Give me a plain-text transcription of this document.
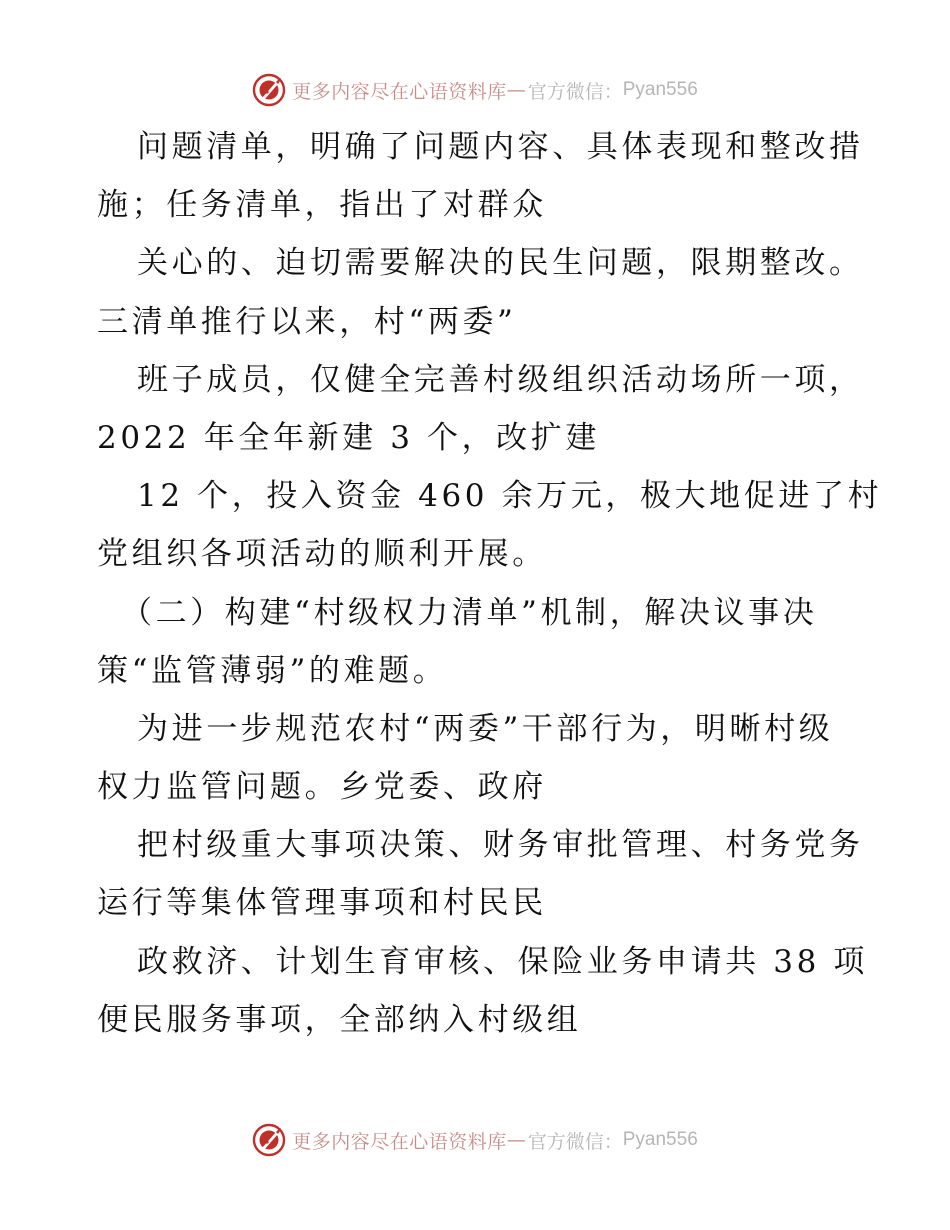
更多内容尽在心语资料库 — 官方微信： Pyan556
问题清单，明确了问题内容、具体表现和整改措
施；任务清单，指出了对群众
关心的、迫切需要解决的民生问题，限期整改。
三清单推行以来，村“两委”
班子成员，仅健全完善村级组织活动场所一项，
2022 年全年新建 3 个，改扩建
12 个，投入资金 460 余万元，极大地促进了村
党组织各项活动的顺利开展。
（二）构建“村级权力清单”机制，解决议事决
策“监管薄弱”的难题。
为进一步规范农村“两委”干部行为，明晰村级
权力监管问题。乡党委、政府
把村级重大事项决策、财务审批管理、村务党务
运行等集体管理事项和村民民
政救济、计划生育审核、保险业务申请共 38 项
便民服务事项，全部纳入村级组
更多内容尽在心语资料库 — 官方微信： Pyan556
